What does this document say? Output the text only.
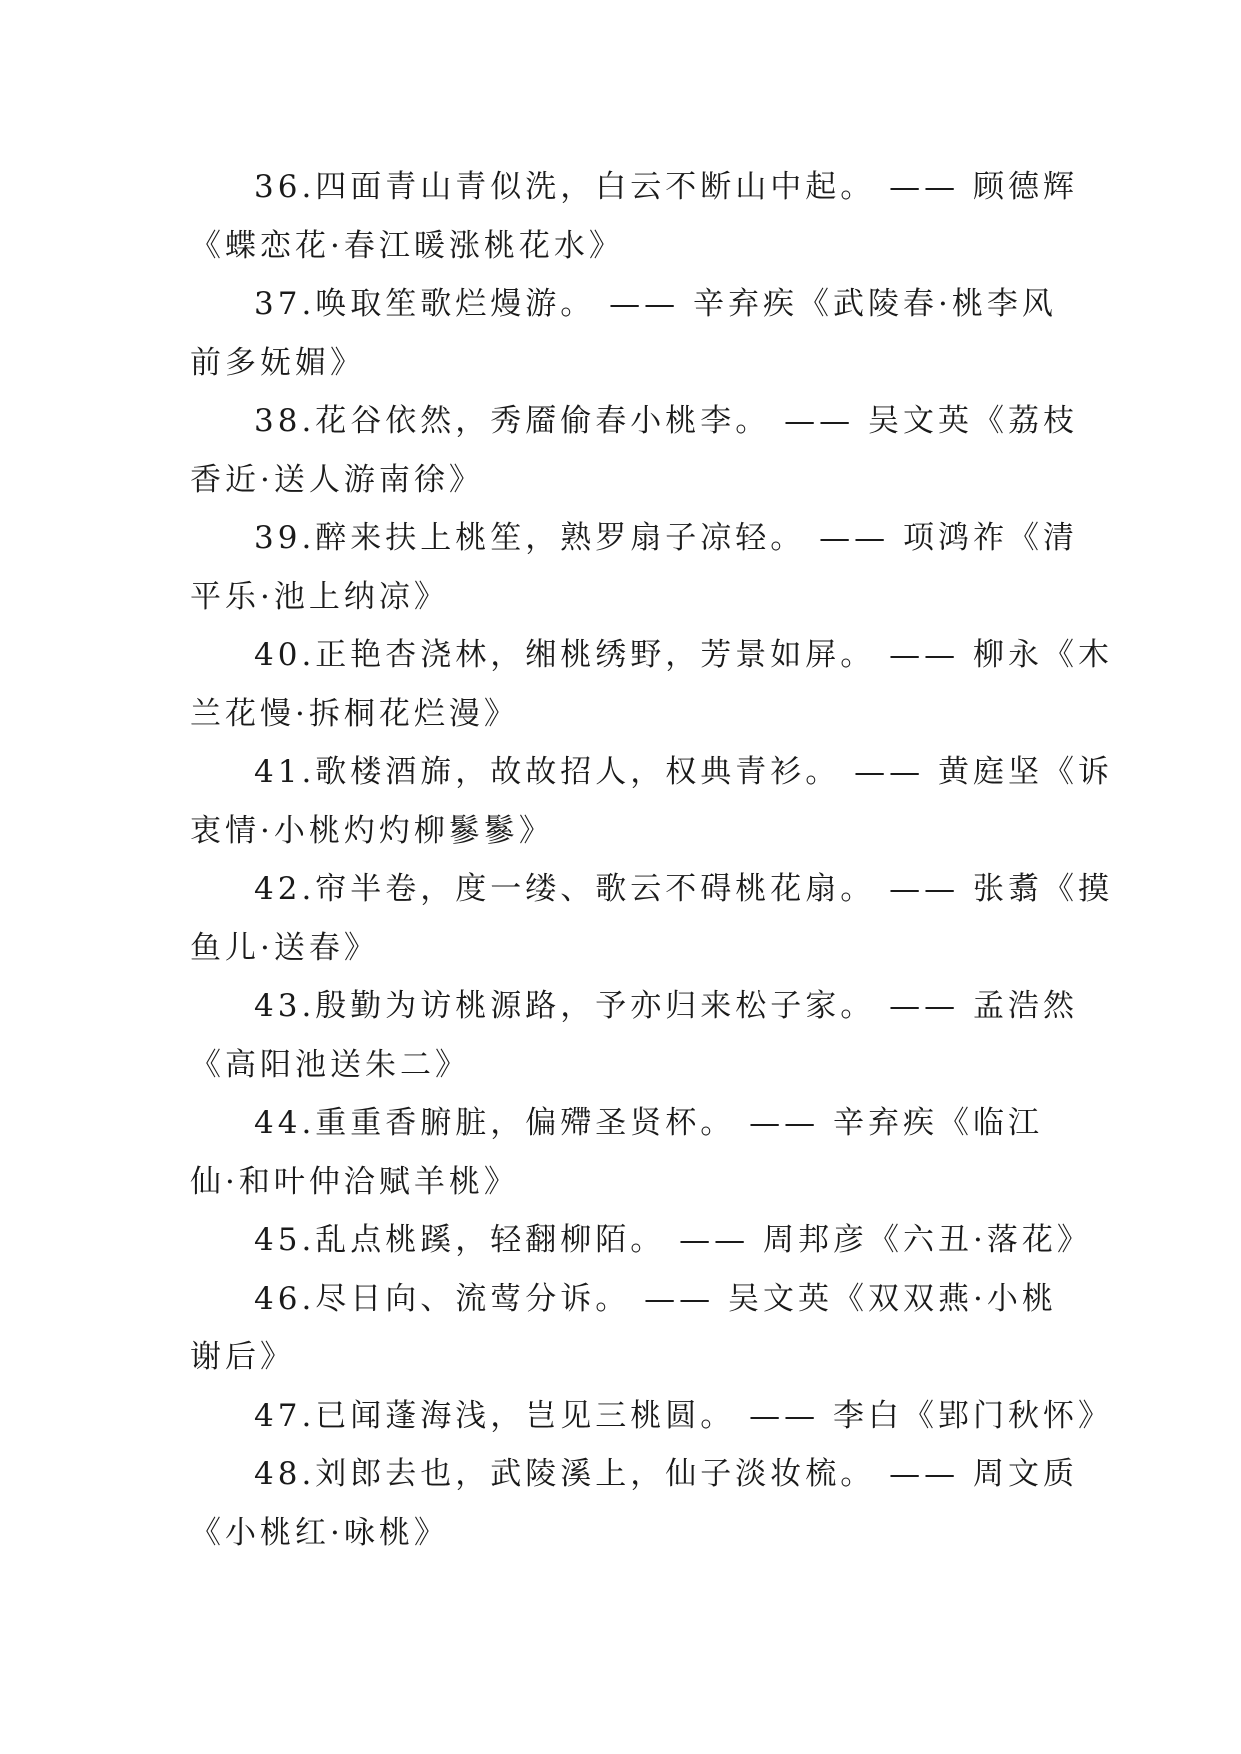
36.四面青山青似洗，白云不断山中起。 —— 顾德辉
《蝶恋花·春江暖涨桃花水》
37.唤取笙歌烂熳游。 —— 辛弃疾《武陵春·桃李风
前多妩媚》
38.花谷依然，秀靥偷春小桃李。 —— 吴文英《荔枝
香近·送人游南徐》
39.醉来扶上桃笙，熟罗扇子凉轻。 —— 项鸿祚《清
平乐·池上纳凉》
40.正艳杏浇林，缃桃绣野，芳景如屏。 —— 柳永《木
兰花慢·拆桐花烂漫》
41.歌楼酒旆，故故招人，权典青衫。 —— 黄庭坚《诉
衷情·小桃灼灼柳鬖鬖》
42.帘半卷，度一缕、歌云不碍桃花扇。 —— 张翥《摸
鱼儿·送春》
43.殷勤为访桃源路，予亦归来松子家。 —— 孟浩然
《高阳池送朱二》
44.重重香腑脏，偏殢圣贤杯。 —— 辛弃疾《临江
仙·和叶仲洽赋羊桃》
45.乱点桃蹊，轻翻柳陌。 —— 周邦彦《六丑·落花》
46.尽日向、流莺分诉。 —— 吴文英《双双燕·小桃
谢后》
47.已闻蓬海浅，岂见三桃圆。 —— 李白《郢门秋怀》
48.刘郎去也，武陵溪上，仙子淡妆梳。 —— 周文质
《小桃红·咏桃》
